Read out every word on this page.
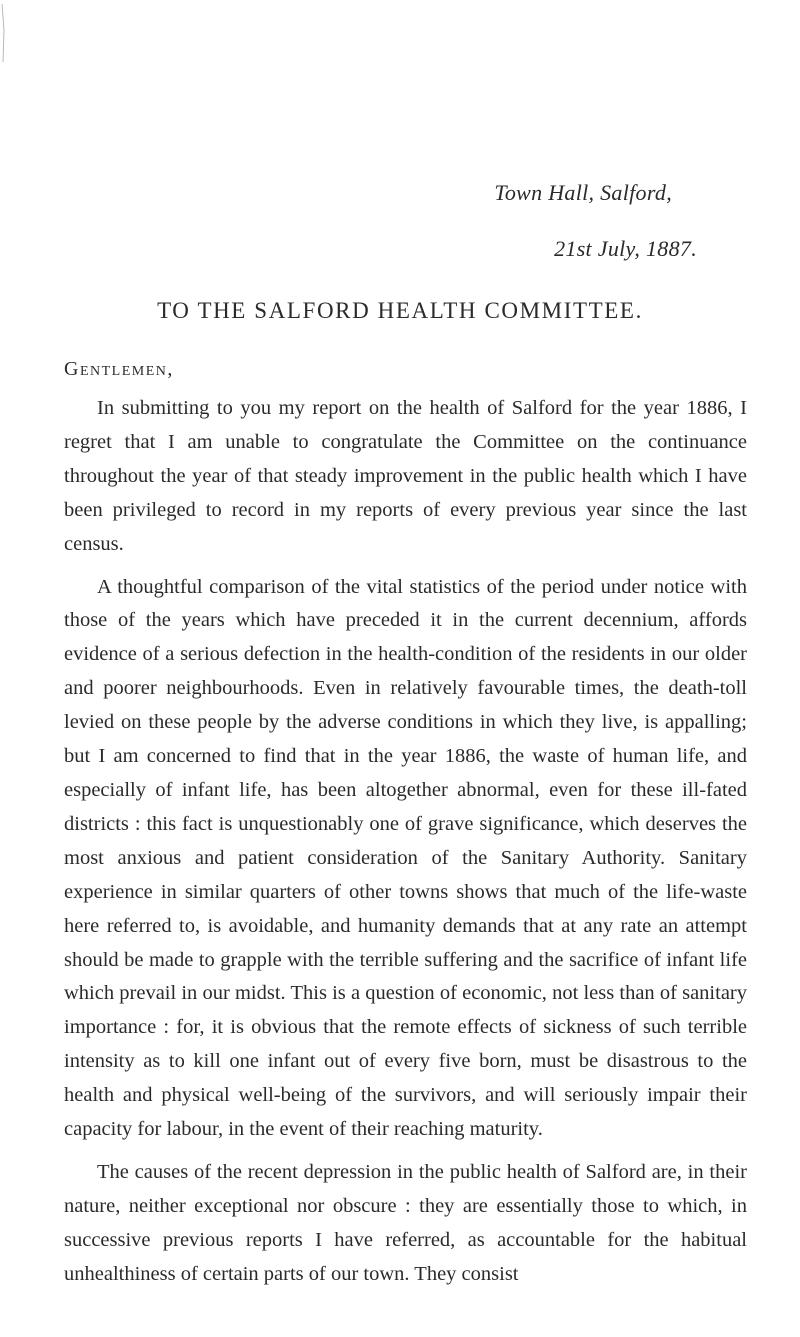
Town Hall, Salford,
21st July, 1887.
TO THE SALFORD HEALTH COMMITTEE.
Gentlemen,

In submitting to you my report on the health of Salford for the year 1886, I regret that I am unable to congratulate the Committee on the continuance throughout the year of that steady improvement in the public health which I have been privileged to record in my reports of every previous year since the last census.

A thoughtful comparison of the vital statistics of the period under notice with those of the years which have preceded it in the current decennium, affords evidence of a serious defection in the health-condition of the residents in our older and poorer neighbourhoods. Even in relatively favourable times, the death-toll levied on these people by the adverse conditions in which they live, is appalling; but I am concerned to find that in the year 1886, the waste of human life, and especially of infant life, has been altogether abnormal, even for these ill-fated districts : this fact is unquestionably one of grave significance, which deserves the most anxious and patient consideration of the Sanitary Authority. Sanitary experience in similar quarters of other towns shows that much of the life-waste here referred to, is avoidable, and humanity demands that at any rate an attempt should be made to grapple with the terrible suffering and the sacrifice of infant life which prevail in our midst. This is a question of economic, not less than of sanitary importance : for, it is obvious that the remote effects of sickness of such terrible intensity as to kill one infant out of every five born, must be disastrous to the health and physical well-being of the survivors, and will seriously impair their capacity for labour, in the event of their reaching maturity.

The causes of the recent depression in the public health of Salford are, in their nature, neither exceptional nor obscure : they are essentially those to which, in successive previous reports I have referred, as accountable for the habitual unhealthiness of certain parts of our town. They consist
